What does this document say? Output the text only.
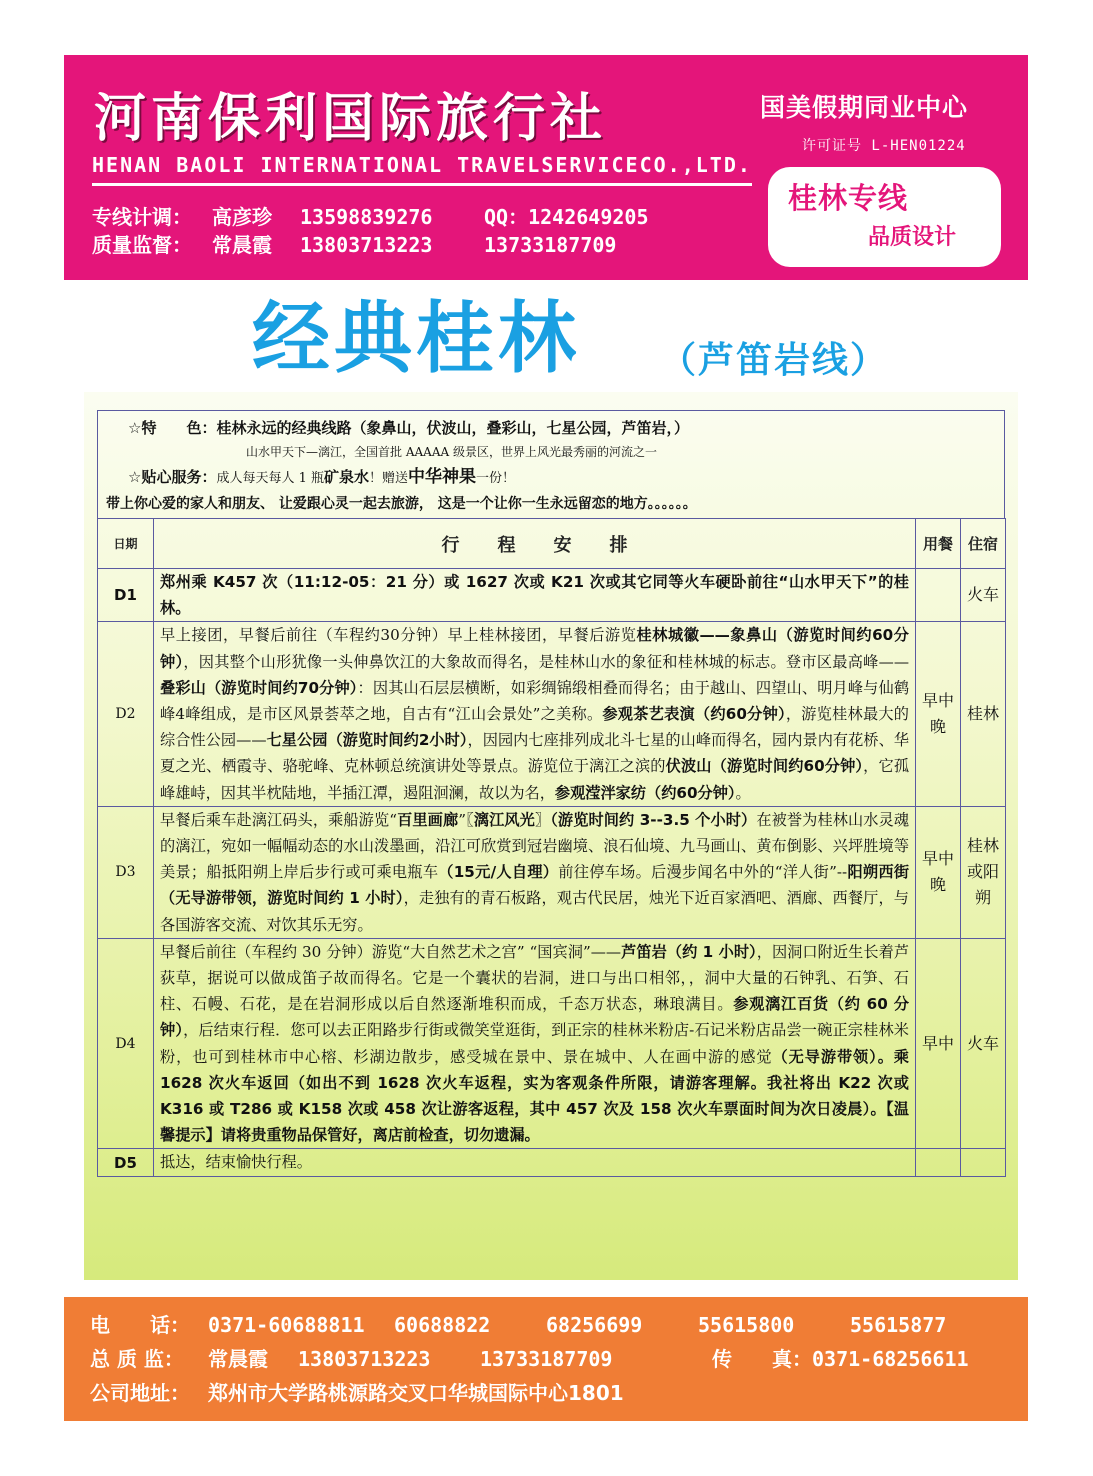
河南保利国际旅行社
HENAN BAOLI INTERNATIONAL TRAVELSERVICECO.,LTD.
国美假期同业中心
许可证号 L-HEN01224
专线计调： 高彦珍 13598839276	QQ：1242649205
质量监督： 常晨霞 13803713223	13733187709
桂林专线
品质设计
经典桂林 （芦笛岩线）
☆特　　色：桂林永远的经典线路（象鼻山，伏波山，叠彩山，七星公园，芦笛岩，）
山水甲天下—漓江，全国首批 AAAAA 级景区，世界上风光最秀丽的河流之一
☆贴心服务：成人每天每人 1 瓶矿泉水！赠送中华神果一份！
带上你心爱的家人和朋友、 让爱跟心灵一起去旅游， 这是一个让你一生永远留恋的地方。。。。。。
日期	行程安排	用餐	住宿
D1	郑州乘 K457 次（11:12-05：21 分）或 1627 次或 K21 次或其它同等火车硬卧前往“山水甲天下”的桂林。		火车
D2	早上接团，早餐后前往（车程约30分钟）早上桂林接团，早餐后游览桂林城徽——象鼻山（游览时间约60分钟），因其整个山形犹像一头伸鼻饮江的大象故而得名，是桂林山水的象征和桂林城的标志。登市区最高峰——叠彩山（游览时间约70分钟）：因其山石层层横断，如彩绸锦缎相叠而得名；由于越山、四望山、明月峰与仙鹤峰4峰组成，是市区风景荟萃之地，自古有“江山会景处”之美称。参观茶艺表演（约60分钟），游览桂林最大的综合性公园——七星公园（游览时间约2小时），因园内七座排列成北斗七星的山峰而得名，园内景内有花桥、华夏之光、栖霞寺、骆驼峰、克林顿总统演讲处等景点。游览位于漓江之滨的伏波山（游览时间约60分钟），它孤峰雄峙，因其半枕陆地，半插江潭，遏阻洄澜，故以为名，参观滢泮家纺（约60分钟）。	早中晚	桂林
D3	早餐后乘车赴漓江码头，乘船游览“百里画廊”〖漓江风光〗（游览时间约 3--3.5 个小时）在被誉为桂林山水灵魂的漓江，宛如一幅幅动态的水山泼墨画，沿江可欣赏到冠岩幽境、浪石仙境、九马画山、黄布倒影、兴坪胜境等美景；船抵阳朔上岸后步行或可乘电瓶车（15元/人自理）前往停车场。后漫步闻名中外的“洋人街”--阳朔西街（无导游带领，游览时间约 1 小时），走独有的青石板路，观古代民居，烛光下近百家酒吧、酒廊、西餐厅，与各国游客交流、对饮其乐无穷。	早中晚	桂林或阳朔
D4	早餐后前往（车程约 30 分钟）游览“大自然艺术之宫” “国宾洞”——芦笛岩（约 1 小时），因洞口附近生长着芦荻草，据说可以做成笛子故而得名。它是一个囊状的岩洞，进口与出口相邻，，洞中大量的石钟乳、石笋、石柱、石幔、石花，是在岩洞形成以后自然逐渐堆积而成，千态万状态，琳琅满目。参观漓江百货（约 60 分钟），后结束行程．您可以去正阳路步行街或微笑堂逛街，到正宗的桂林米粉店-石记米粉店品尝一碗正宗桂林米粉，也可到桂林市中心榕、杉湖边散步，感受城在景中、景在城中、人在画中游的感觉（无导游带领）。乘 1628 次火车返回（如出不到 1628 次火车返程，实为客观条件所限，请游客理解。我社将出 K22 次或 K316 或 T286 或 K158 次或 458 次让游客返程，其中 457 次及 158 次火车票面时间为次日凌晨）。【温馨提示】请将贵重物品保管好，离店前检查，切勿遗漏。	早中	火车
D5	抵达，结束愉快行程。		
电　　话： 0371-60688811 60688822	68256699	55615800	55615877
总 质 监： 常晨霞 13803713223 13733187709	传　　真：0371-68256611
公司地址： 郑州市大学路桃源路交叉口华城国际中心1801
